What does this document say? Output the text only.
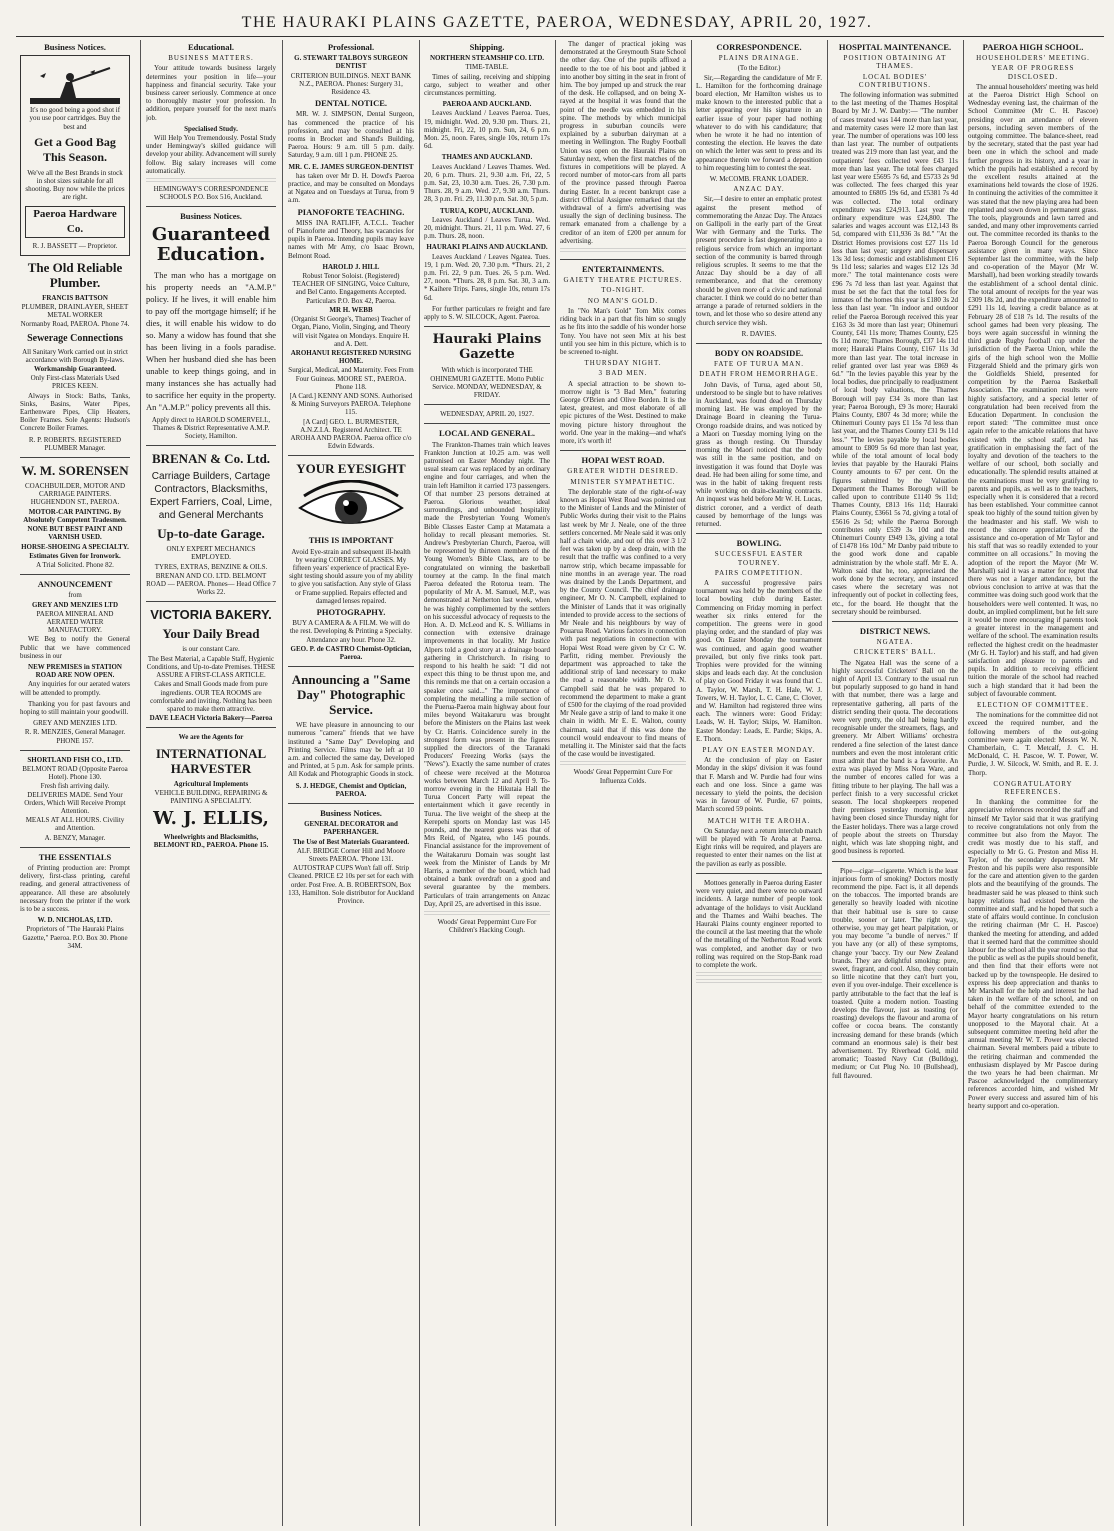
THE HAURAKI PLAINS GAZETTE, PAEROA, WEDNESDAY, APRIL 20, 1927.

Business Notices.

It's no good being a good shot if you use poor cartridges. Buy the best and

Get a Good Bag This Season.

We've all the Best Brands in stock in shot sizes suitable for all shooting. Buy now while the prices are right.

Paeroa Hardware Co.

R. J. BASSETT — Proprietor.

The Old Reliable Plumber.

FRANCIS BATTSON

PLUMBER, DRAINLAYER, SHEET METAL WORKER

Normanby Road, PAEROA. Phone 74.

Sewerage Connections

All Sanitary Work carried out in strict accordance with Borough By-laws.

Workmanship Guaranteed.

Only First-class Materials Used PRICES KEEN.

Always in Stock: Baths, Tanks, Sinks, Basins, Water Pipes, Earthenware Pipes, Clip Heaters, Boiler Frames. Sole Agents: Hudson's Concrete Boiler Frames.

R. P. ROBERTS. REGISTERED PLUMBER Manager.

W. M. SORENSEN

COACHBUILDER, MOTOR AND CARRIAGE PAINTERS. HUGHENDON ST., PAEROA.

MOTOR-CAR PAINTING. By Absolutely Competent Tradesmen.

NONE BUT BEST PAINT AND VARNISH USED.

HORSE-SHOEING A SPECIALTY.

Estimates Given for Ironwork.

A Trial Solicited. Phone 82.

ANNOUNCEMENT

from

GREY AND MENZIES LTD

PAEROA MINERAL AND AERATED WATER MANUFACTORY.

WE Beg to notify the General Public that we have commenced business in our

NEW PREMISES in STATION ROAD ARE NOW OPEN.

Any inquiries for our aerated waters will be attended to promptly.

Thanking you for past favours and hoping to still maintain your goodwill.

GREY AND MENZIES LTD.

R. R. MENZIES, General Manager. PHONE 157.

SHORTLAND FISH CO., LTD.

BELMONT ROAD (Opposite Paeroa Hotel). Phone 130.

Fresh fish arriving daily. DELIVERIES MADE. Send Your Orders, Which Will Receive Prompt Attention.

MEALS AT ALL HOURS. Civility and Attention.

A. BENZY, Manager.

THE ESSENTIALS

of Printing production are: Prompt delivery, first-class printing, careful reading, and general attractiveness of appearance. All these are absolutely necessary from the printer if the work is to be a success.

W. D. NICHOLAS, LTD.

Proprietors of "The Hauraki Plains Gazette," Paeroa. P.O. Box 30. Phone 34M.

Educational.

BUSINESS MATTERS.

Your attitude towards business largely determines your position in life—your happiness and financial security. Take your business career seriously. Commence at once to thoroughly master your profession. In addition, prepare yourself for the next man's job.

Specialised Study.

Will Help You Tremendously. Postal Study under Hemingway's skilled guidance will develop your ability. Advancement will surely follow. Big salary increases will come automatically.

HEMINGWAY'S CORRESPONDENCE SCHOOLS P.O. Box 516, Auckland.

Business Notices.

Guaranteed Education.

The man who has a mortgage on his property needs an "A.M.P." policy. If he lives, it will enable him to pay off the mortgage himself; if he dies, it will enable his widow to do so. Many a widow has found that she has been living in a fools paradise. When her husband died she has been unable to keep things going, and in many instances she has actually had to sacrifice her equity in the property. An "A.M.P." policy prevents all this.

Apply direct to HAROLD SOMERVELL, Thames & District Representative A.M.P. Society, Hamilton.

BRENAN & Co. Ltd.

Carriage Builders, Cartage Contractors, Blacksmiths, Expert Farriers, Coal, Lime, and General Merchants

Up-to-date Garage.

ONLY EXPERT MECHANICS EMPLOYED.

TYRES, EXTRAS, BENZINE & OILS.

BRENAN AND CO. LTD. BELMONT ROAD — PAEROA. Phones— Head Office 7 Works 22.

VICTORIA BAKERY.

Your Daily Bread

is our constant Care.

The Best Material, a Capable Staff, Hygienic Conditions, and Up-to-date Premises. THESE ASSURE A FIRST-CLASS ARTICLE.

Cakes and Small Goods made from pure ingredients. OUR TEA ROOMS are comfortable and inviting. Nothing has been spared to make them attractive.

DAVE LEACH Victoria Bakery—Paeroa

We are the Agents for

INTERNATIONAL HARVESTER

Agricultural Implements

VEHICLE BUILDING, REPAIRING & PAINTING A SPECIALITY.

W. J. ELLIS,

Wheelwrights and Blacksmiths, BELMONT RD., PAEROA. Phone 15.

Professional.

G. STEWART TALBOYS SURGEON DENTIST

CRITERION BUILDINGS. NEXT BANK N.Z., PAEROA. Phones: Surgery 31, Residence 43.

DENTAL NOTICE.

MR. W. J. SIMPSON, Dental Surgeon, has commenced the practice of his profession, and may be consulted at his rooms in Brocket and Shand's Building, Paeroa. Hours: 9 a.m. till 5 p.m. daily. Saturday, 9 a.m. till 1 p.m. PHONE 25.

MR. C. E. JAMES SURGEON-DENTIST

has taken over Mr D. H. Dowd's Paeroa practice, and may be consulted on Mondays at Ngatea and on Tuesdays at Turua, from 9 a.m.

PIANOFORTE TEACHING.

MISS INA RATLIFF, A.T.C.L. Teacher of Pianoforte and Theory, has vacancies for pupils in Paeroa. Intending pupils may leave names with Mr Amy, c/o Isaac Brown, Belmont Road.

HAROLD J. HILL

Robust Tenor Soloist. (Registered) TEACHER OF SINGING, Voice Culture, and Bel Canto. Engagements Accepted. Particulars P.O. Box 42, Paeroa.

MR H. WEBB

(Organist St George's, Thames) Teacher of Organ, Piano, Violin, Singing, and Theory will visit Ngatea on Mondays. Enquire H. and A. Dett.

AROHANUI REGISTERED NURSING HOME.

Surgical, Medical, and Maternity. Fees From Four Guineas. MOORE ST., PAEROA. Phone 118.

[A Card.] KENNY AND SONS. Authorised & Mining Surveyors PAEROA. Telephone 115.

[A Card] GEO. L. BURMESTER, A.N.Z.I.A. Registered Architect. TE AROHA AND PAEROA. Paeroa office c/o Edwin Edwards.

YOUR EYESIGHT

THIS IS IMPORTANT

Avoid Eye-strain and subsequent ill-health by wearing CORRECT GLASSES. My fifteen years' experience of practical Eye-sight testing should assure you of my ability to give you satisfaction. Any style of Glass or Frame supplied. Repairs effected and damaged lenses repaired.

PHOTOGRAPHY.

BUY A CAMERA & A FILM. We will do the rest. Developing & Printing a Specialty. Attendance any hour. Phone 32.

GEO. P. de CASTRO Chemist-Optician, Paeroa.

Announcing a "Same Day" Photographic Service.

WE have pleasure in announcing to our numerous "camera" friends that we have instituted a "Same Day" Developing and Printing Service. Films may be left at 10 a.m. and collected the same day, Developed and Printed, at 5 p.m. Ask for sample prints. All Kodak and Photographic Goods in stock.

S. J. HEDGE, Chemist and Optician, PAEROA.

Business Notices.

GENERAL DECORATOR and PAPERHANGER.

The Use of Best Materials Guaranteed.

ALF. BRIDGE Corner Hill and Moore Streets PAEROA. 'Phone 131.

AUTOSTRAP CUPS Won't fall off. Strip Cleaned. PRICE £2 10s per set for each with order. Post Free. A. B. ROBERTSON, Box 133, Hamilton. Sole distributor for Auckland Province.

Shipping.

NORTHERN STEAMSHIP CO. LTD.

TIME-TABLE.

Times of sailing, receiving and shipping cargo, subject to weather and other circumstances permitting.

PAEROA AND AUCKLAND.

Leaves Auckland / Leaves Paeroa. Tues, 19, midnight. Wed. 20, 9.30 pm. Thurs. 21, midnight. Fri, 22, 10 p.m. Sun, 24, 6 p.m. Mon. 25, noon. Fares, single 10s, return 17s 6d.

THAMES AND AUCKLAND.

Leaves Auckland / Leaves Thames. Wed. 20, 6 p.m. Thurs. 21, 9.30 a.m. Fri, 22, 5 p.m. Sat, 23, 10.30 a.m. Tues. 26, 7.30 p.m. Thurs. 28, 9 a.m. Wed. 27, 9.30 a.m. Thurs. 28, 3 p.m. Fri. 29, 11.30 p.m. Sat. 30, 5 p.m.

TURUA, KOPU, AUCKLAND.

Leaves Auckland / Leaves Turua. Wed. 20, midnight. Thurs. 21, 11 p.m. Wed. 27, 6 p.m. Thurs. 28, noon.

HAURAKI PLAINS AND AUCKLAND.

Leaves Auckland / Leaves Ngatea. Tues. 19, 1 p.m. Wed. 20, 7.30 p.m. *Thurs. 21, 2 p.m. Fri. 22, 9 p.m. Tues. 26, 5 p.m. Wed. 27, noon. *Thurs. 28, 8 p.m. Sat. 30, 3 a.m. * Kaihere Trips. Fares, single 10s, return 17s 6d.

For further particulars re freight and fare apply to S. W. SILCOCK, Agent. Paeroa.

Hauraki Plains Gazette

With which is incorporated THE OHINEMURI GAZETTE. Motto Public Service. MONDAY, WEDNESDAY, & FRIDAY.

WEDNESDAY, APRIL 20, 1927.

LOCAL AND GENERAL.

The Frankton-Thames train which leaves Frankton Junction at 10.25 a.m. was well patronised on Easter Monday night. The usual steam car was replaced by an ordinary engine and four carriages, and when the train left Hamilton it carried 173 passengers. Of that number 23 persons detrained at Paeroa. Glorious weather, ideal surroundings, and unbounded hospitality made the Presbyterian Young Women's Bible Classes Easter Camp at Matamata a holiday to recall pleasant memories. St. Andrew's Presbyterian Church, Paeroa, will be represented by thirteen members of the Young Women's Bible Class, are to be congratulated on winning the basketball tourney at the camp. In the final match Paeroa defeated the Rotorua team. The popularity of Mr A. M. Samuel, M.P., was demonstrated at Netherton last week, when he was highly complimented by the settlers on his successful advocacy of requests to the Hon. A. D. McLeod and K. S. Williams in connection with extensive drainage improvements in that locality. Mr Justice Alpers told a good story at a drainage board gathering in Christchurch. In rising to respond to his health he said: "I did not expect this thing to be thrust upon me, and this reminds me that on a certain occasion a speaker once said..." The importance of completing the metalling a mile section of the Puerua-Paeroa main highway about four miles beyond Waitakaruru was brought before the Ministers on the Plains last week by Cr. Harris. Coincidence surely in the strongest form was present in the figures supplied the directors of the Taranaki Producers' Freezing Works (says the "News"). Exactly the same number of crates of cheese were received at the Moturoa works between March 12 and April 9. To-morrow evening in the Hikutaia Hall the Turua Concert Party will repeat the entertainment which it gave recently in Turua. The live weight of the sheep at the Kerepehi sports on Monday last was 145 pounds, and the nearest guess was that of Mrs Reid, of Ngatea, who 145 pounds. Financial assistance for the improvement of the Waitakaruru Domain was sought last week from the Minister of Lands by Mr Harris, a member of the board, which had obtained a bank overdraft on a good and several guarantee by the members. Particulars of train arrangements on Anzac Day, April 25, are advertised in this issue.

Woods' Great Peppermint Cure For Children's Hacking Cough.

The danger of practical joking was demonstrated at the Greymouth State School the other day. One of the pupils affixed a needle to the toe of his boot and jabbed it into another boy sitting in the seat in front of him. The boy jumped up and struck the rear of the desk. He collapsed, and on being X-rayed at the hospital it was found that the point of the needle was embedded in his spine. The methods by which municipal progress in suburban councils were explained by a suburban dairyman at a meeting in Wellington. The Rugby Football Union was open on the Hauraki Plains on Saturday next, when the first matches of the fixtures in competitions will be played. A record number of motor-cars from all parts of the province passed through Paeroa during Easter. In a recent bankrupt case a district Official Assignee remarked that the withdrawal of a firm's advertising was usually the sign of declining business. The remark emanated from a challenge by a creditor of an item of £200 per annum for advertising.

ENTERTAINMENTS.

GAIETY THEATRE PICTURES.

TO-NIGHT.

NO MAN'S GOLD.

In "No Man's Gold" Tom Mix comes riding back in a part that fits him so snugly as he fits into the saddle of his wonder horse Tony. You have not seen Mix at his best until you see him in this picture, which is to be screened to-night.

THURSDAY NIGHT.

3 BAD MEN.

A special attraction to be shown to-morrow night is "3 Bad Men," featuring George O'Brien and Olive Borden. It is the latest, greatest, and most elaborate of all epic pictures of the West. Destined to make moving picture history throughout the world. One year in the making—and what's more, it's worth it!

HOPAI WEST ROAD.

GREATER WIDTH DESIRED.

MINISTER SYMPATHETIC.

The deplorable state of the right-of-way known as Hopai West Road was pointed out to the Minister of Lands and the Minister of Public Works during their visit to the Plains last week by Mr J. Neale, one of the three settlers concerned. Mr Neale said it was only half a chain wide, and out of this over 3 1/2 feet was taken up by a deep drain, with the result that the traffic was confined to a very narrow strip, which became impassable for nine months in an average year. The road was drained by the Lands Department, and by the County Council. The chief drainage engineer, Mr O. N. Campbell, explained to the Minister of Lands that it was originally intended to provide access to the sections of Mr Neale and his neighbours by way of Pouarua Road. Various factors in connection with past negotiations in connection with Hopai West Road were given by Cr C. W. Parfitt, riding member. Previously the department was approached to take the additional strip of land necessary to make the road a reasonable width. Mr O. N. Campbell said that he was prepared to recommend the department to make a grant of £500 for the clayimg of the road provided Mr Neale gave a strip of land to make it one chain in width. Mr E. E. Walton, county chairman, said that if this was done the council would endeavour to find means of metalling it. The Minister said that the facts of the case would be investigated.

Woods' Great Peppermint Cure For Influenza Colds.

CORRESPONDENCE.

PLAINS DRAINAGE.

(To the Editor.)

Sir,—Regarding the candidature of Mr F. L. Hamilton for the forthcoming drainage board election, Mr Hamilton wishes us to make known to the interested public that a letter appearing over his signature in an earlier issue of your paper had nothing whatever to do with his candidature; that when he wrote it he had no intention of contesting the election. He leaves the date on which the letter was sent to press and its appearance therein we forward a deposition to him requesting him to contest the seat.

W. McCOMB. FRANK LOADER.

ANZAC DAY.

Sir,—I desire to enter an emphatic protest against the present method of commemorating the Anzac Day. The Anzacs on Gallipoli in the early part of the Great War with Germany and the Turks. The present procedure is fast degenerating into a religious service from which an important section of the community is barred through religious scruples. It seems to me that the Anzac Day should be a day of all rememberance, and that the ceremony should be given more of a civic and national character. I think we could do no better than arrange a parade of returned soldiers in the town, and let those who so desire attend any church service they wish.

R. DAVIES.

BODY ON ROADSIDE.

FATE OF TURUA MAN.

DEATH FROM HEMORRHAGE.

John Davis, of Turua, aged about 50, understood to be single but to have relatives in Auckland, was found dead on Thursday morning last. He was employed by the Drainage Board in cleaning the Turua-Orongo roadside drains, and was noticed by a Maori on Tuesday morning lying on the grass as though resting. On Thursday morning the Maori noticed that the body was still in the same position, and on investigation it was found that Doyle was dead. He had been ailing for some time, and was in the habit of taking frequent rests while working on drain-cleaning contracts. An inquest was held before Mr W. H. Lucas, district coroner, and a verdict of death caused by hemorrhage of the lungs was returned.

BOWLING.

SUCCESSFUL EASTER TOURNEY.

PAIRS COMPETITION.

A successful progressive pairs tournament was held by the members of the local bowling club during Easter. Commencing on Friday morning in perfect weather six rinks entered for the competition. The greens were in good playing order, and the standard of play was good. On Easter Monday the tournament was continued, and again good weather prevailed, but only five rinks took part. Trophies were provided for the winning skips and leads each day. At the conclusion of play on Good Friday it was found that C. A. Taylor, W. Marsh, T. H. Hale, W. J. Towers, W. H. Taylor, L. C. Cane, C. Clover, and W. Hamilton had registered three wins each. The winners were: Good Friday: Leads, W. H. Taylor; Skips, W. Hamilton. Easter Monday: Leads, E. Pardie; Skips, A. E. Thorn.

PLAY ON EASTER MONDAY.

At the conclusion of play on Easter Monday in the skips' division it was found that F. Marsh and W. Purdie had four wins each and one loss. Since a game was necessary to yield the points, the decision was in favour of W. Purdie, 67 points, March scored 59 points.

MATCH WITH TE AROHA.

On Saturday next a return interclub match will be played with Te Aroha at Paeroa. Eight rinks will be required, and players are requested to enter their names on the list at the pavilion as early as possible.

Mottoes generally in Paeroa during Easter were very quiet, and there were no outward incidents. A large number of people took advantage of the holidays to visit Auckland and the Thames and Waihi beaches. The Hauraki Plains county engineer reported to the council at the last meeting that the whole of the metalling of the Netherton Road work was completed, and another day or two rolling was required on the Stop-Bank road to complete the work.

HOSPITAL MAINTENANCE.

POSITION OBTAINING AT THAMES.

LOCAL BODIES' CONTRIBUTIONS.

The following information was submitted to the last meeting of the Thames Hospital Board by Mr J. W. Danby:— "The number of cases treated was 144 more than last year, and maternity cases were 12 more than last year. The number of operations was 100 less than last year. The number of outpatients treated was 219 more than last year, and the outpatients' fees collected were £43 11s more than last year. The total fees charged last year were £5695 7s 6d, and £5733 2s 9d was collected. The fees charged this year amounted to £6805 19s 6d, and £5381 7s 4d was collected. The total ordinary expenditure was £24,913. Last year the ordinary expenditure was £24,800. The salaries and wages account was £12,143 8s 5d, compared with £11,936 3s 8d." "At the District Homes provisions cost £27 11s 1d less than last year; surgery and dispensary 13s 3d less; domestic and establishment £16 9s 11d less; salaries and wages £12 12s 3d more." The total maintenance costs were £96 7s 7d less than last year. Against that must be set the fact that the total fees for inmates of the homes this year is £180 3s 2d less than last year. "In indoor and outdoor relief the Paeroa Borough received this year £163 3s 3d more than last year; Ohinemuri County, £41 11s more; Thames County, £25 0s 11d more; Thames Borough, £37 14s 11d more; Hauraki Plains County, £167 11s 3d more than last year. The total increase in relief granted over last year was £869 4s 6d." "In the levies payable this year by the local bodies, due principally to readjustment of local body valuations, the Thames Borough will pay £34 3s more than last year; Paeroa Borough, £9 3s more; Hauraki Plains County, £807 4s 3d more; while the Ohinemuri County pays £1 15s 7d less than last year, and the Thames County £31 9s 11d less." "The levies payable by local bodies amount to £809 5s 6d more than last year, while of the total amount of local body levies that payable by the Hauraki Plains County amounts to 67 per cent. On the figures submitted by the Valuation Department the Thames Borough will be called upon to contribute £1140 9s 11d; Thames County, £813 16s 11d; Hauraki Plains County, £3661 5s 7d, giving a total of £5616 2s 5d; while the Paeroa Borough contributes only £539 3s 10d and the Ohinemuri County £949 13s, giving a total of £1478 16s 10d." Mr Danby paid tribute to the good work done and capable administration by the whole staff. Mr E. A. Walton said that he, too, appreciated the work done by the secretary, and instanced cases where the secretary was not infrequently out of pocket in collecting fees, etc., for the board. He thought that the secretary should be reimbursed.

DISTRICT NEWS.

NGATEA.

CRICKETERS' BALL.

The Ngatea Hall was the scene of a highly successful Cricketers' Ball on the night of April 13. Contrary to the usual run but popularly supposed to go hand in hand with that number, there was a large and representative gathering, all parts of the district sending their quota. The decorations were very pretty, the old hall being hardly recognisable under the streamers, flags, and greenery. Mr Albert Williams' orchestra rendered a fine selection of the latest dance numbers and even the most intolerant critic must admit that the band is a favourite. An extra was played by Miss Nora Ware, and the number of encores called for was a fitting tribute to her playing. The hall was a perfect finish to a very successful cricket season. The local shopkeepers reopened their premises yesterday morning, after having been closed since Thursday night for the Easter holidays. There was a large crowd of people about the streets on Thursday night, which was late shopping night, and good business is reported.

Pipe—cigar—cigarette. Which is the least injurious form of smoking? Doctors mostly recommend the pipe. Fact is, it all depends on the tobaccos. The imported brands are generally so heavily loaded with nicotine that their habitual use is sure to cause trouble, sooner or later. The right way, otherwise, you may get heart palpitation, or you may become "a bundle of nerves." If you have any (or all) of these symptoms, change your 'baccy. Try our New Zealand brands. They are delightful smoking: pure, sweet, fragrant, and cool. Also, they contain so little nicotine that they can't hurt you, even if you over-indulge. Their excellence is partly attributable to the fact that the leaf is toasted. Quite a modern notion. Toasting develops the flavour, just as toasting (or roasting) develops the flavour and aroma of coffee or cocoa beans. The constantly increasing demand for these brands (which command an enormous sale) is their best advertisement. Try Riverhead Gold, mild aromatic; Toasted Navy Cut (Bulldog), medium; or Cut Plug No. 10 (Bullshead), full flavoured.

PAEROA HIGH SCHOOL.

HOUSEHOLDERS' MEETING.

YEAR OF PROGRESS DISCLOSED.

The annual householders' meeting was held at the Paeroa District High School on Wednesday evening last, the chairman of the School Committee (Mr C. H. Pascoe) presiding over an attendance of eleven persons, including seven members of the outgoing committee. The balance-sheet, read by the secretary, stated that the past year had been one in which the school and made further progress in its history, and a year in which the pupils had established a record by the excellent results attained at the examinations held towards the close of 1926. In continuing the activities of the committee it was stated that the new playing area had been replanted and sown down in permanent grass. The tools, playgrounds and lawn tarred and sanded, and many other improvements carried out. The committee recorded its thanks to the Paeroa Borough Council for the generous assistance given in many ways. Since September last the committee, with the help and co-operation of the Mayor (Mr W. Marshall), had been working steadily towards the establishment of a school dental clinic. The total amount of receipts for the year was £309 18s 2d, and the expenditure amounted to £291 11s 1d, leaving a credit balance as at February 28 of £18 7s 1d. The results of the school games had been very pleasing. The boys were again successful in winning the third grade Rugby football cup under the jurisdiction of the Paeroa Union, while the girls of the high school won the Mollie Fitzgerald Shield and the primary girls won the Goldfields Shield, presented for competition by the Paeroa Basketball Association. The examination results were highly satisfactory, and a special letter of congratulation had been received from the Education Department. In conclusion the report stated: "The committee must once again refer to the amicable relations that have existed with the school staff, and has gratification in emphasising the fact of the loyalty and devotion of the teachers to the welfare of our school, both socially and educationally. The splendid results attained at the examinations must be very gratifying to parents and pupils, as well as to the teachers, especially when it is considered that a record has been established. Your committee cannot speak too highly of the sound tuition given by the headmaster and his staff. We wish to record the sincere appreciation of the assistance and co-operation of Mr Taylor and his staff that was so readily extended to your committee on all occasions." In moving the adoption of the report the Mayor (Mr W. Marshall) said it was a matter for regret that there was not a larger attendance, but the obvious conclusion to arrive at was that the committee was doing such good work that the householders were well contented. It was, no doubt, an implied compliment, but he felt sure it would be more encouraging if parents took a greater interest in the management and welfare of the school. The examination results reflected the highest credit on the headmaster (Mr G. H. Taylor) and his staff, and had given satisfaction and pleasure to parents and pupils. In addition to receiving efficient tuition the morale of the school had reached such a high standard that it had been the subject of favourable comment.

ELECTION OF COMMITTEE.

The nominations for the committee did not exceed the required number, and the following members of the out-going committee were again elected: Messrs W. N. Chamberlain, C. T. Metcalf, J. C. H. McDonald, C. H. Pascoe, W. T. Power, W. Purdie, J. W. Silcock, W. Smith, and R. E. J. Thorp.

CONGRATULATORY REFERENCES.

In thanking the committee for the appreciative references recorded the staff and himself Mr Taylor said that it was gratifying to receive congratulations not only from the committee but also from the Mayor. The credit was mostly due to his staff, and especially to Mr G. G. Preston and Miss H. Taylor, of the secondary department. Mr Preston and his pupils were also responsible for the care and attention given to the garden plots and the beautifying of the grounds. The headmaster said he was pleased to think such happy relations had existed between the committee and staff, and he hoped that such a state of affairs would continue. In conclusion the retiring chairman (Mr C. H. Pascoe) thanked the meeting for attending, and added that it seemed hard that the committee should labour for the school all the year round so that the public as well as the pupils should benefit, and then find that their efforts were not backed up by the townspeople. He desired to express his deep appreciation and thanks to Mr Marshall for the help and interest he had taken in the welfare of the school, and on behalf of the committee extended to the Mayor hearty congratulations on his return unopposed to the Mayoral chair. At a subsequent committee meeting held after the annual meeting Mr W. T. Power was elected chairman. Several members paid a tribute to the retiring chairman and commended the enthusiasm displayed by Mr Pascoe during the two years he had been chairman. Mr Pascoe acknowledged the complimentary references accorded him, and wished Mr Power every success and assured him of his hearty support and co-operation.
